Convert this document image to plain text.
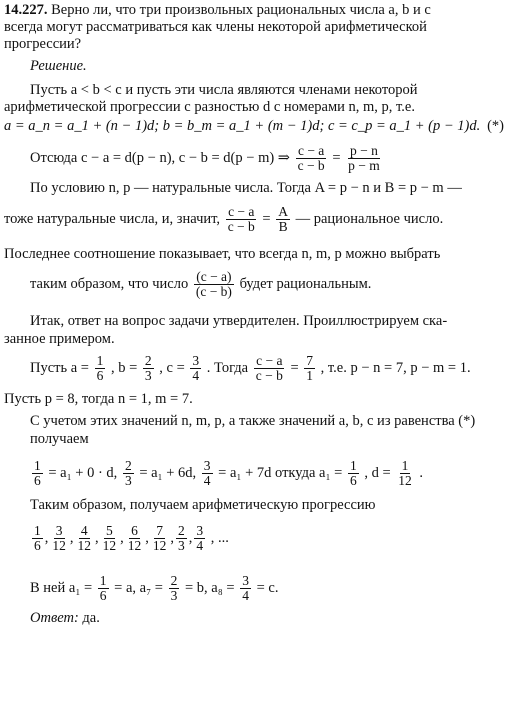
14.227. Верно ли, что три произвольных рациональных числа a, b и c
всегда могут рассматриваться как члены некоторой арифметической
прогрессии?
Решение.
Пусть a < b < c и пусть эти числа являются членами некоторой
арифметической прогрессии с разностью d с номерами n, m, p, т.е.
a = a_n = a_1 + (n − 1)d; b = b_m = a_1 + (m − 1)d; c = c_p = a_1 + (p − 1)d. (*)
Отсюда c − a = d(p − n), c − b = d(p − m) ⇒ $\frac{c - a}{c - b} = \frac{p - n}{p - m}$
По условию n, p — натуральные числа. Тогда A = p − n и B = p − m —
тоже натуральные числа, и, значит, $\frac{c - a}{c - b} = \frac{A}{B}$ — рациональное число.
Последнее соотношение показывает, что всегда n, m, p можно выбрать
таким образом, что число $\frac{(c - a)}{(c - b)}$ будет рациональным.
Итак, ответ на вопрос задачи утвердителен. Проиллюстрируем ска-
занное примером.
Пусть $a = \frac{1}{6}$ , $b = \frac{2}{3}$ , $c = \frac{3}{4}$ . Тогда $\frac{c - a}{c - b} = \frac{7}{1}$ , т.е. p − n = 7, p − m = 1.
Пусть p = 8, тогда n = 1, m = 7.
С учетом этих значений n, m, p, а также значений a, b, c из равенства (*)
получаем
$\frac{1}{6} = a_1 + 0 \cdot d$, $\frac{2}{3} = a_1 + 6d$, $\frac{3}{4} = a_1 + 7d$ откуда $a_1 = \frac{1}{6}$ , $d = \frac{1}{12}$ .
Таким образом, получаем арифметическую прогрессию
$\frac{1}{6}$ , $\frac{3}{12}$ , $\frac{4}{12}$ , $\frac{5}{12}$ , $\frac{6}{12}$ , $\frac{7}{12}$ , $\frac{2}{3}$ , $\frac{3}{4}$ , ...
В ней $a_1 = \frac{1}{6} = a$, $a_7 = \frac{2}{3} = b$, $a_8 = \frac{3}{4} = c$.
Ответ: да.
